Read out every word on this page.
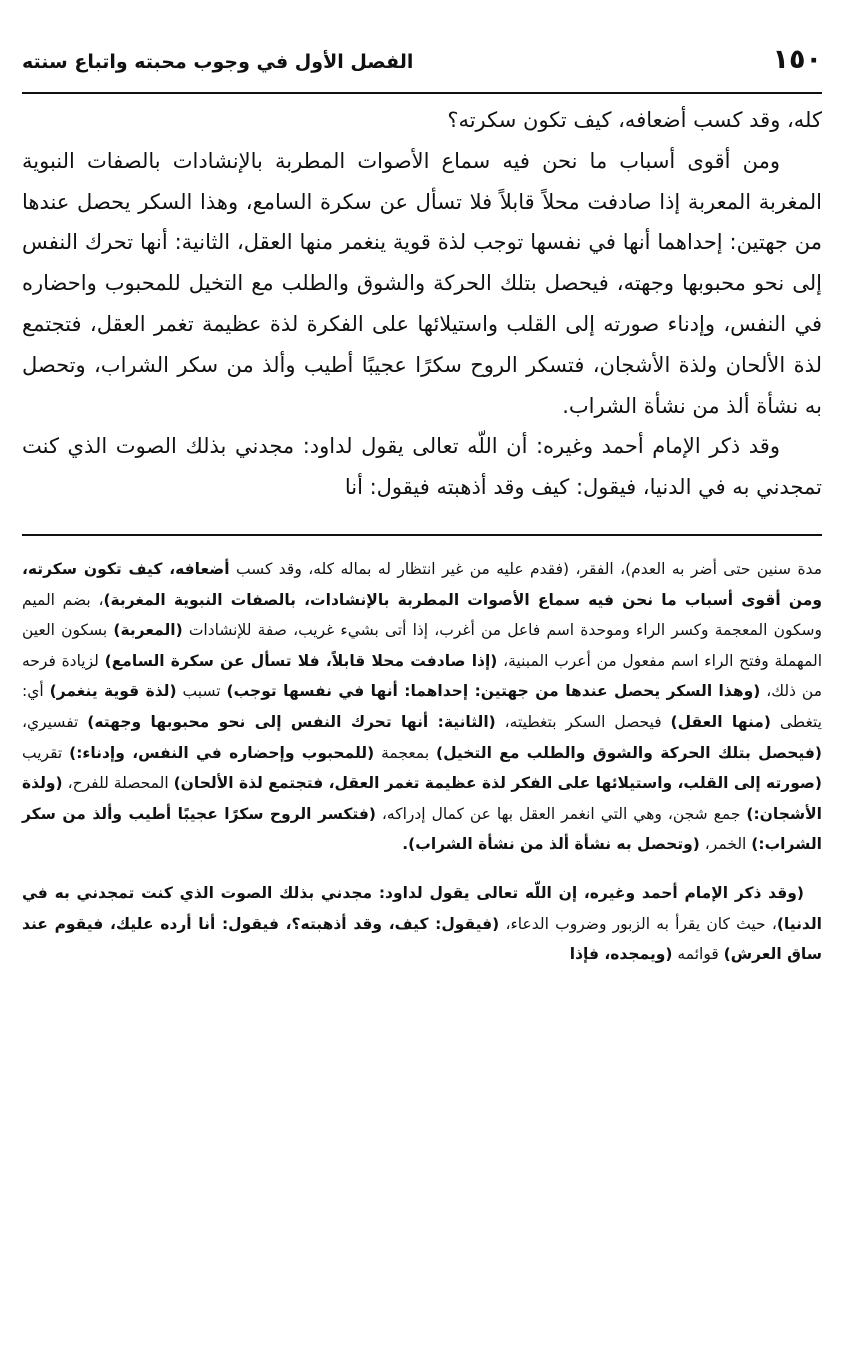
١٥٠
الفصل الأول في وجوب محبته واتباع سنته

كله، وقد كسب أضعافه، كيف تكون سكرته؟

ومن أقوى أسباب ما نحن فيه سماع الأصوات المطربة بالإنشادات بالصفات النبوية المغربة المعربة إذا صادفت محلاً قابلاً فلا تسأل عن سكرة السامع، وهذا السكر يحصل عندها من جهتين: إحداهما أنها في نفسها توجب لذة قوية ينغمر منها العقل، الثانية: أنها تحرك النفس إلى نحو محبوبها وجهته، فيحصل بتلك الحركة والشوق والطلب مع التخيل للمحبوب واحضاره في النفس، وإدناء صورته إلى القلب واستيلائها على الفكرة لذة عظيمة تغمر العقل، فتجتمع لذة الألحان ولذة الأشجان، فتسكر الروح سكرًا عجيبًا أطيب وألذ من سكر الشراب، وتحصل به نشأة ألذ من نشأة الشراب.

وقد ذكر الإمام أحمد وغيره: أن اللّه تعالى يقول لداود: مجدني بذلك الصوت الذي كنت تمجدني به في الدنيا، فيقول: كيف وقد أذهبته فيقول: أنا

مدة سنين حتى أضر به العدم)، الفقر، (فقدم عليه من غير انتظار له بماله كله، وقد كسب أضعافه، كيف تكون سكرته، ومن أقوى أسباب ما نحن فيه سماع الأصوات المطربة بالإنشادات، بالصفات النبوية المغربة)، بضم الميم وسكون المعجمة وكسر الراء وموحدة اسم فاعل من أغرب، إذا أتى بشيء غريب، صفة للإنشادات (المعربة) بسكون العين المهملة وفتح الراء اسم مفعول من أعرب المبنية، (إذا صادفت محلا قابلاً، فلا تسأل عن سكرة السامع) لزيادة فرحه من ذلك، (وهذا السكر يحصل عندها من جهتين: إحداهما: أنها في نفسها توجب) تسبب (لذة قوية ينغمر) أي: يتغطى (منها العقل) فيحصل السكر بتغطيته، (الثانية: أنها تحرك النفس إلى نحو محبوبها وجهته) تفسيري، (فيحصل بتلك الحركة والشوق والطلب مع التخيل) بمعجمة (للمحبوب وإحضاره في النفس، وإدناء:) تقريب (صورته إلى القلب، واستيلائها على الفكر لذة عظيمة تغمر العقل، فتجتمع لذة الألحان) المحصلة للفرح، (ولذة الأشجان:) جمع شجن، وهي التي انغمر العقل بها عن كمال إدراكه، (فتكسر الروح سكرًا عجيبًا أطيب وألذ من سكر الشراب:) الخمر، (وتحصل به نشأة ألذ من نشأة الشراب).

(وقد ذكر الإمام أحمد وغيره، إن اللّه تعالى يقول لداود: مجدني بذلك الصوت الذي كنت تمجدني به في الدنيا)، حيث كان يقرأ به الزبور وضروب الدعاء، (فيقول: كيف، وقد أذهبته؟، فيقول: أنا أرده عليك، فيقوم عند ساق العرش) قوائمه (ويمجده، فإذا
